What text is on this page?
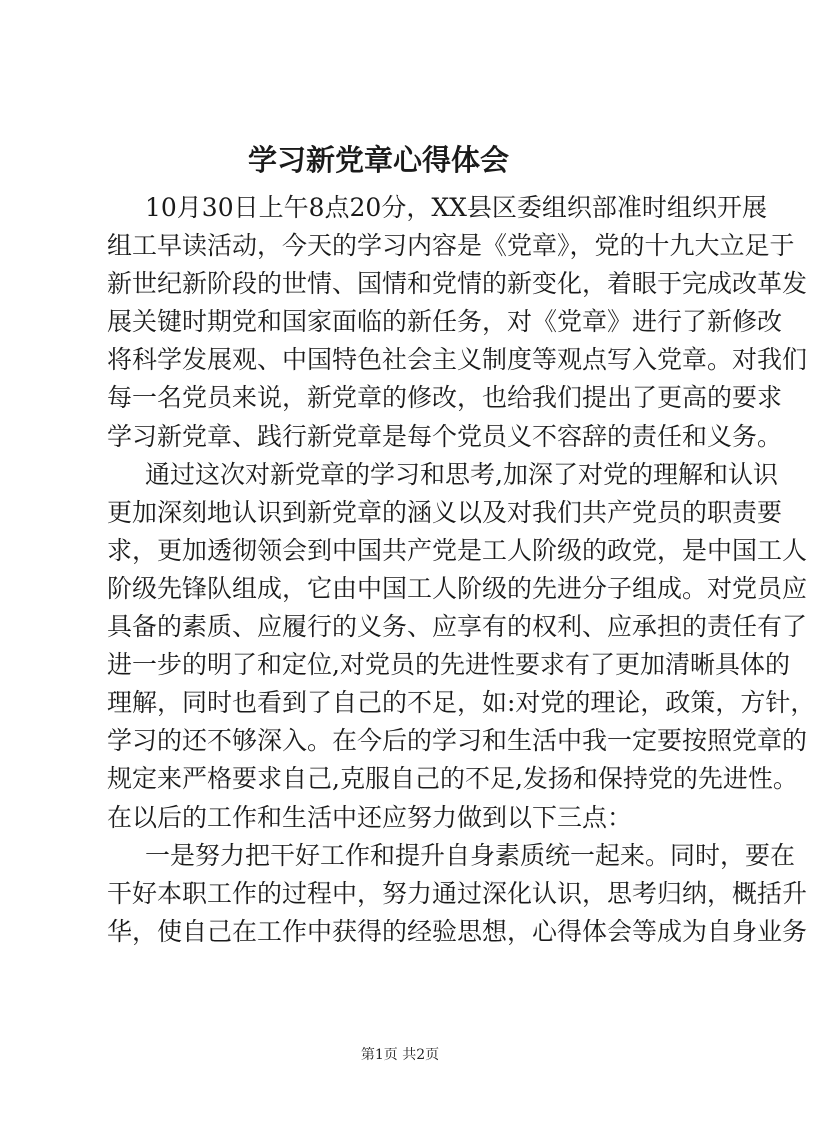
学习新党章心得体会
10月30日上午8点20分，XX县区委组织部准时组织开展
组工早读活动，今天的学习内容是《党章》，党的十九大立足于
新世纪新阶段的世情、国情和党情的新变化，着眼于完成改革发
展关键时期党和国家面临的新任务，对《党章》进行了新修改
将科学发展观、中国特色社会主义制度等观点写入党章。对我们
每一名党员来说，新党章的修改，也给我们提出了更高的要求
学习新党章、践行新党章是每个党员义不容辞的责任和义务。
通过这次对新党章的学习和思考,加深了对党的理解和认识
更加深刻地认识到新党章的涵义以及对我们共产党员的职责要
求，更加透彻领会到中国共产党是工人阶级的政党，是中国工人
阶级先锋队组成，它由中国工人阶级的先进分子组成。对党员应
具备的素质、应履行的义务、应享有的权利、应承担的责任有了
进一步的明了和定位,对党员的先进性要求有了更加清晰具体的
理解，同时也看到了自己的不足，如:对党的理论，政策，方针，
学习的还不够深入。在今后的学习和生活中我一定要按照党章的
规定来严格要求自己,克服自己的不足,发扬和保持党的先进性。
在以后的工作和生活中还应努力做到以下三点：
一是努力把干好工作和提升自身素质统一起来。同时，要在
干好本职工作的过程中，努力通过深化认识，思考归纳，概括升
华，使自己在工作中获得的经验思想，心得体会等成为自身业务
第1页 共2页
